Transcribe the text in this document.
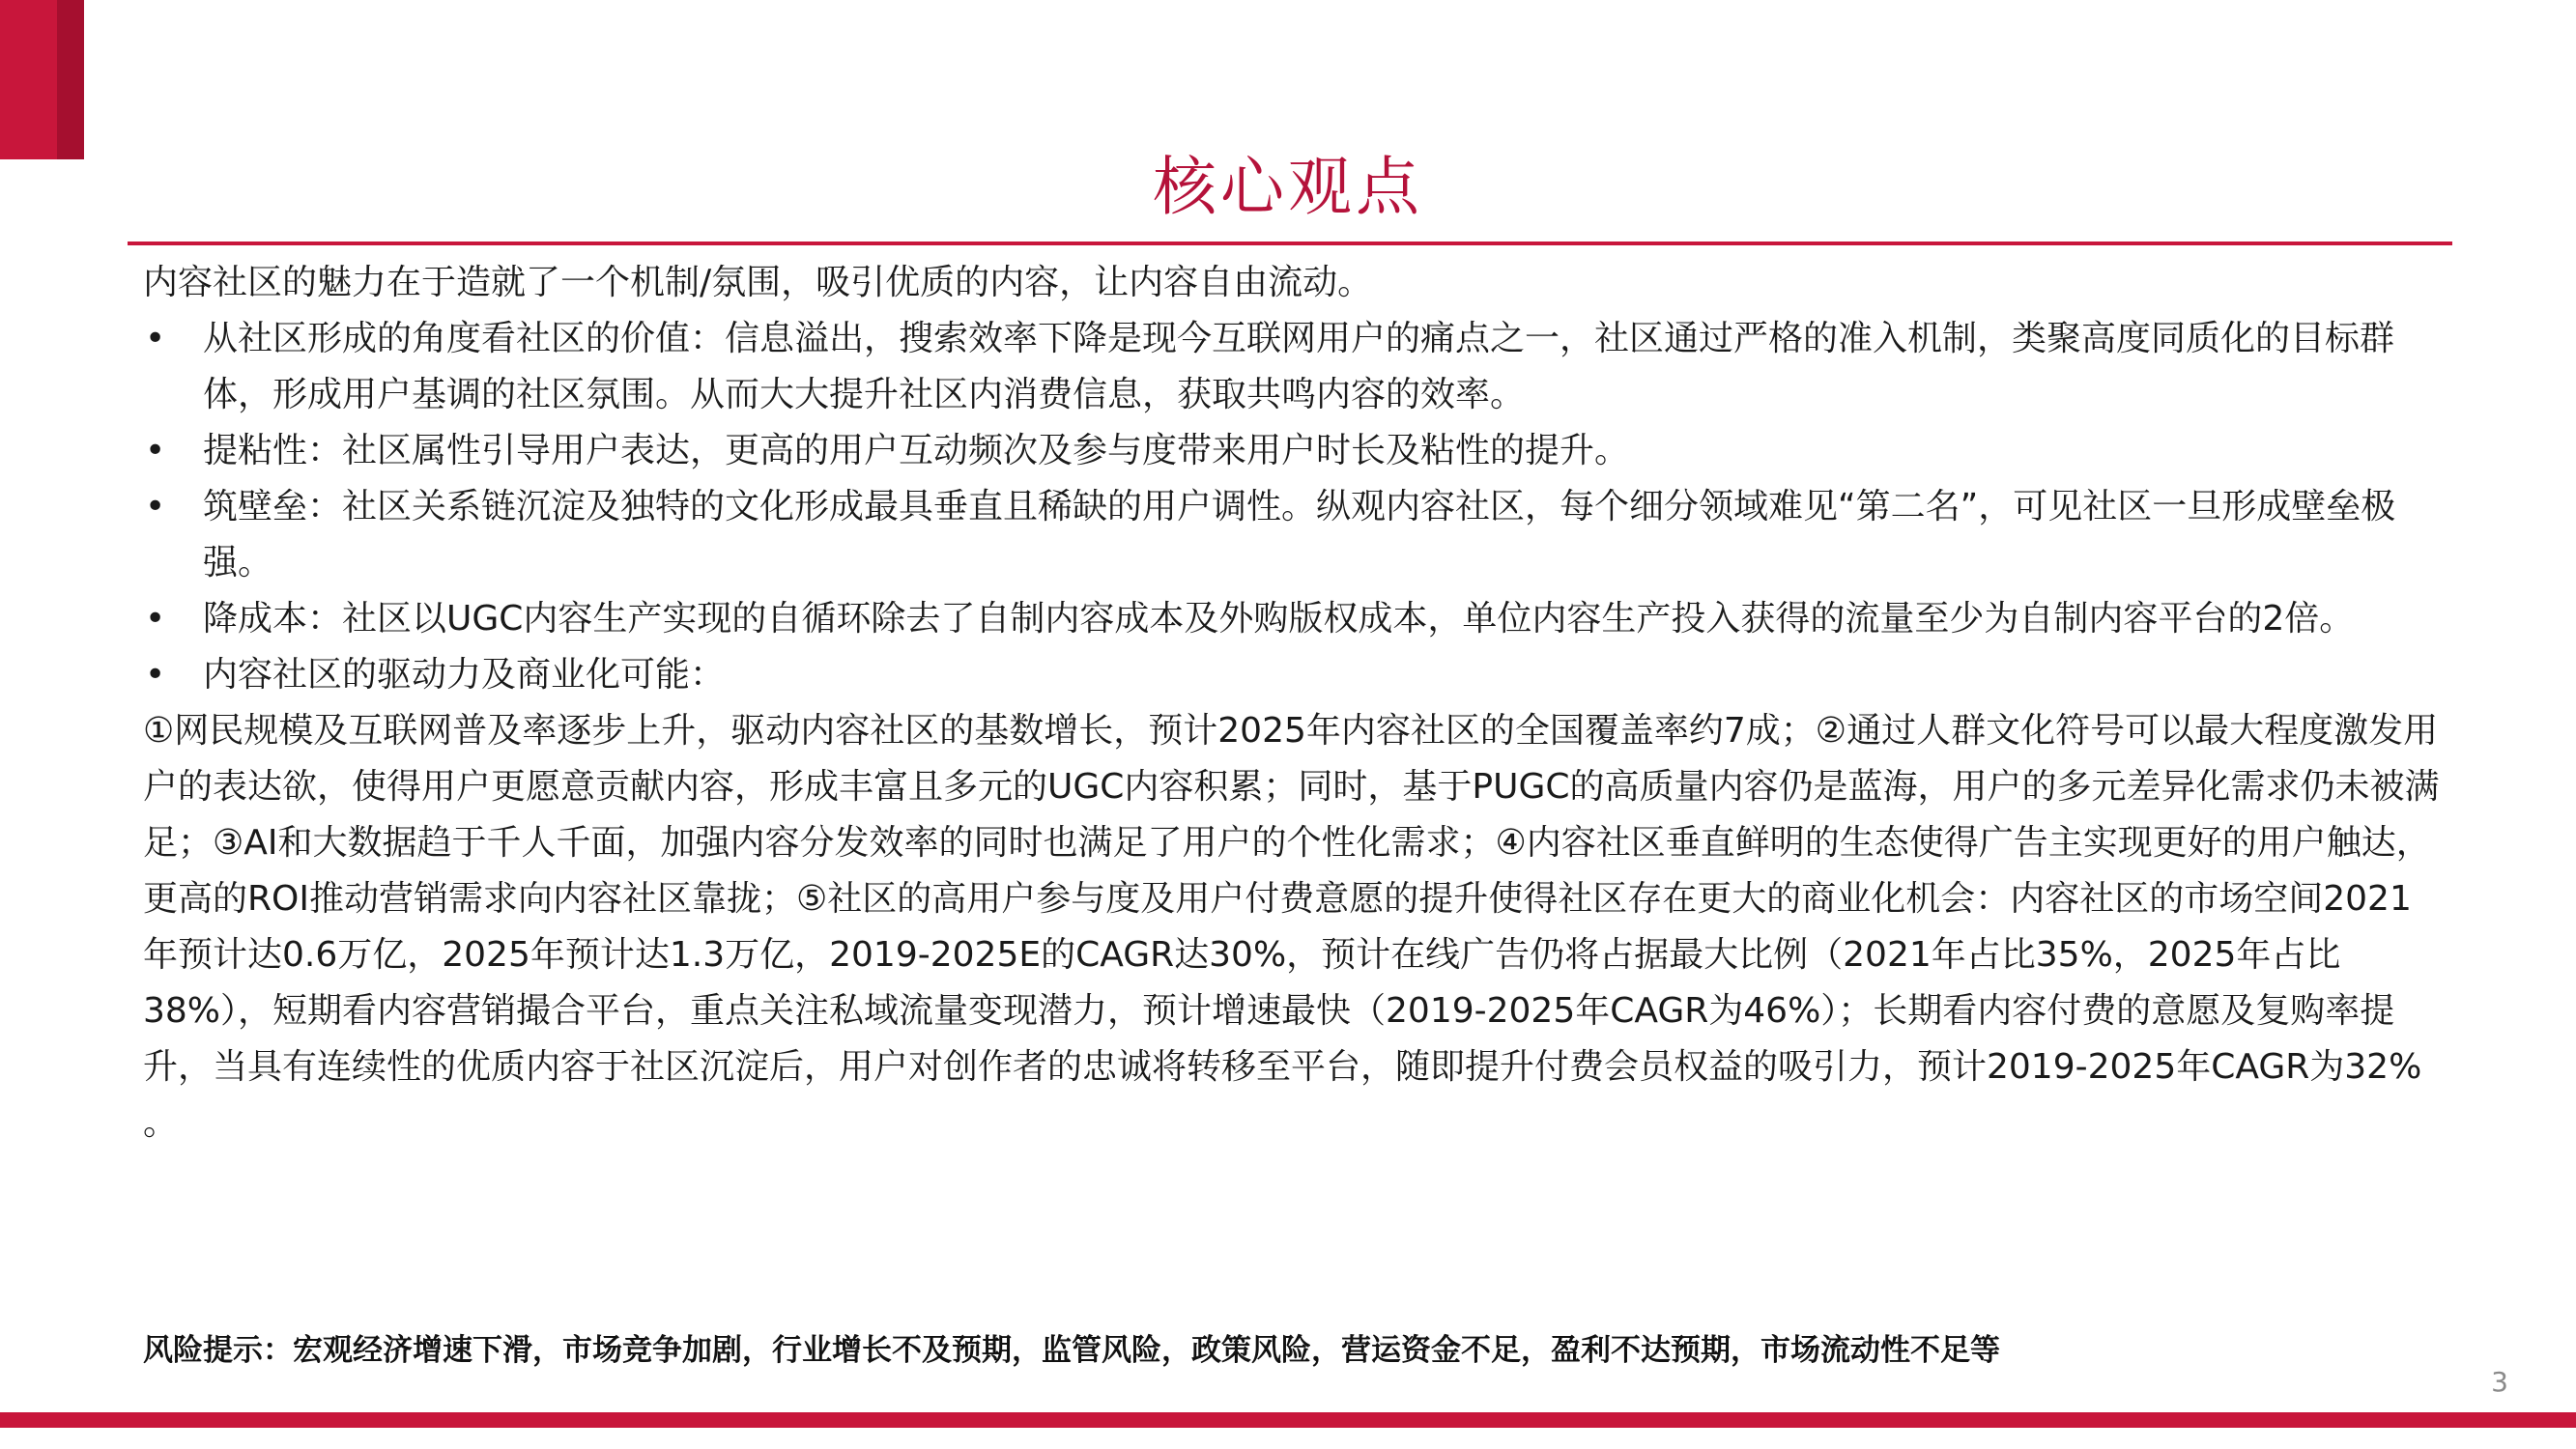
核心观点

内容社区的魅力在于造就了一个机制/氛围，吸引优质的内容，让内容自由流动。

• 从社区形成的角度看社区的价值：信息溢出，搜索效率下降是现今互联网用户的痛点之一，社区通过严格的准入机制，类聚高度同质化的目标群体，形成用户基调的社区氛围。从而大大提升社区内消费信息，获取共鸣内容的效率。
• 提粘性：社区属性引导用户表达，更高的用户互动频次及参与度带来用户时长及粘性的提升。
• 筑壁垒：社区关系链沉淀及独特的文化形成最具垂直且稀缺的用户调性。纵观内容社区，每个细分领域难见“第二名”，可见社区一旦形成壁垒极强。
• 降成本：社区以UGC内容生产实现的自循环除去了自制内容成本及外购版权成本，单位内容生产投入获得的流量至少为自制内容平台的2倍。
• 内容社区的驱动力及商业化可能：

①网民规模及互联网普及率逐步上升，驱动内容社区的基数增长，预计2025年内容社区的全国覆盖率约7成；②通过人群文化符号可以最大程度激发用户的表达欲，使得用户更愿意贡献内容，形成丰富且多元的UGC内容积累；同时，基于PUGC的高质量内容仍是蓝海，用户的多元差异化需求仍未被满足；③AI和大数据趋于千人千面，加强内容分发效率的同时也满足了用户的个性化需求；④内容社区垂直鲜明的生态使得广告主实现更好的用户触达，更高的ROI推动营销需求向内容社区靠拢；⑤社区的高用户参与度及用户付费意愿的提升使得社区存在更大的商业化机会：内容社区的市场空间2021年预计达0.6万亿，2025年预计达1.3万亿，2019-2025E的CAGR达30%，预计在线广告仍将占据最大比例（2021年占比35%，2025年占比38%），短期看内容营销撮合平台，重点关注私域流量变现潜力，预计增速最快（2019-2025年CAGR为46%）；长期看内容付费的意愿及复购率提升，当具有连续性的优质内容于社区沉淀后，用户对创作者的忠诚将转移至平台，随即提升付费会员权益的吸引力，预计2019-2025年CAGR为32% 。

风险提示：宏观经济增速下滑，市场竞争加剧，行业增长不及预期，监管风险，政策风险，营运资金不足，盈利不达预期，市场流动性不足等
3
